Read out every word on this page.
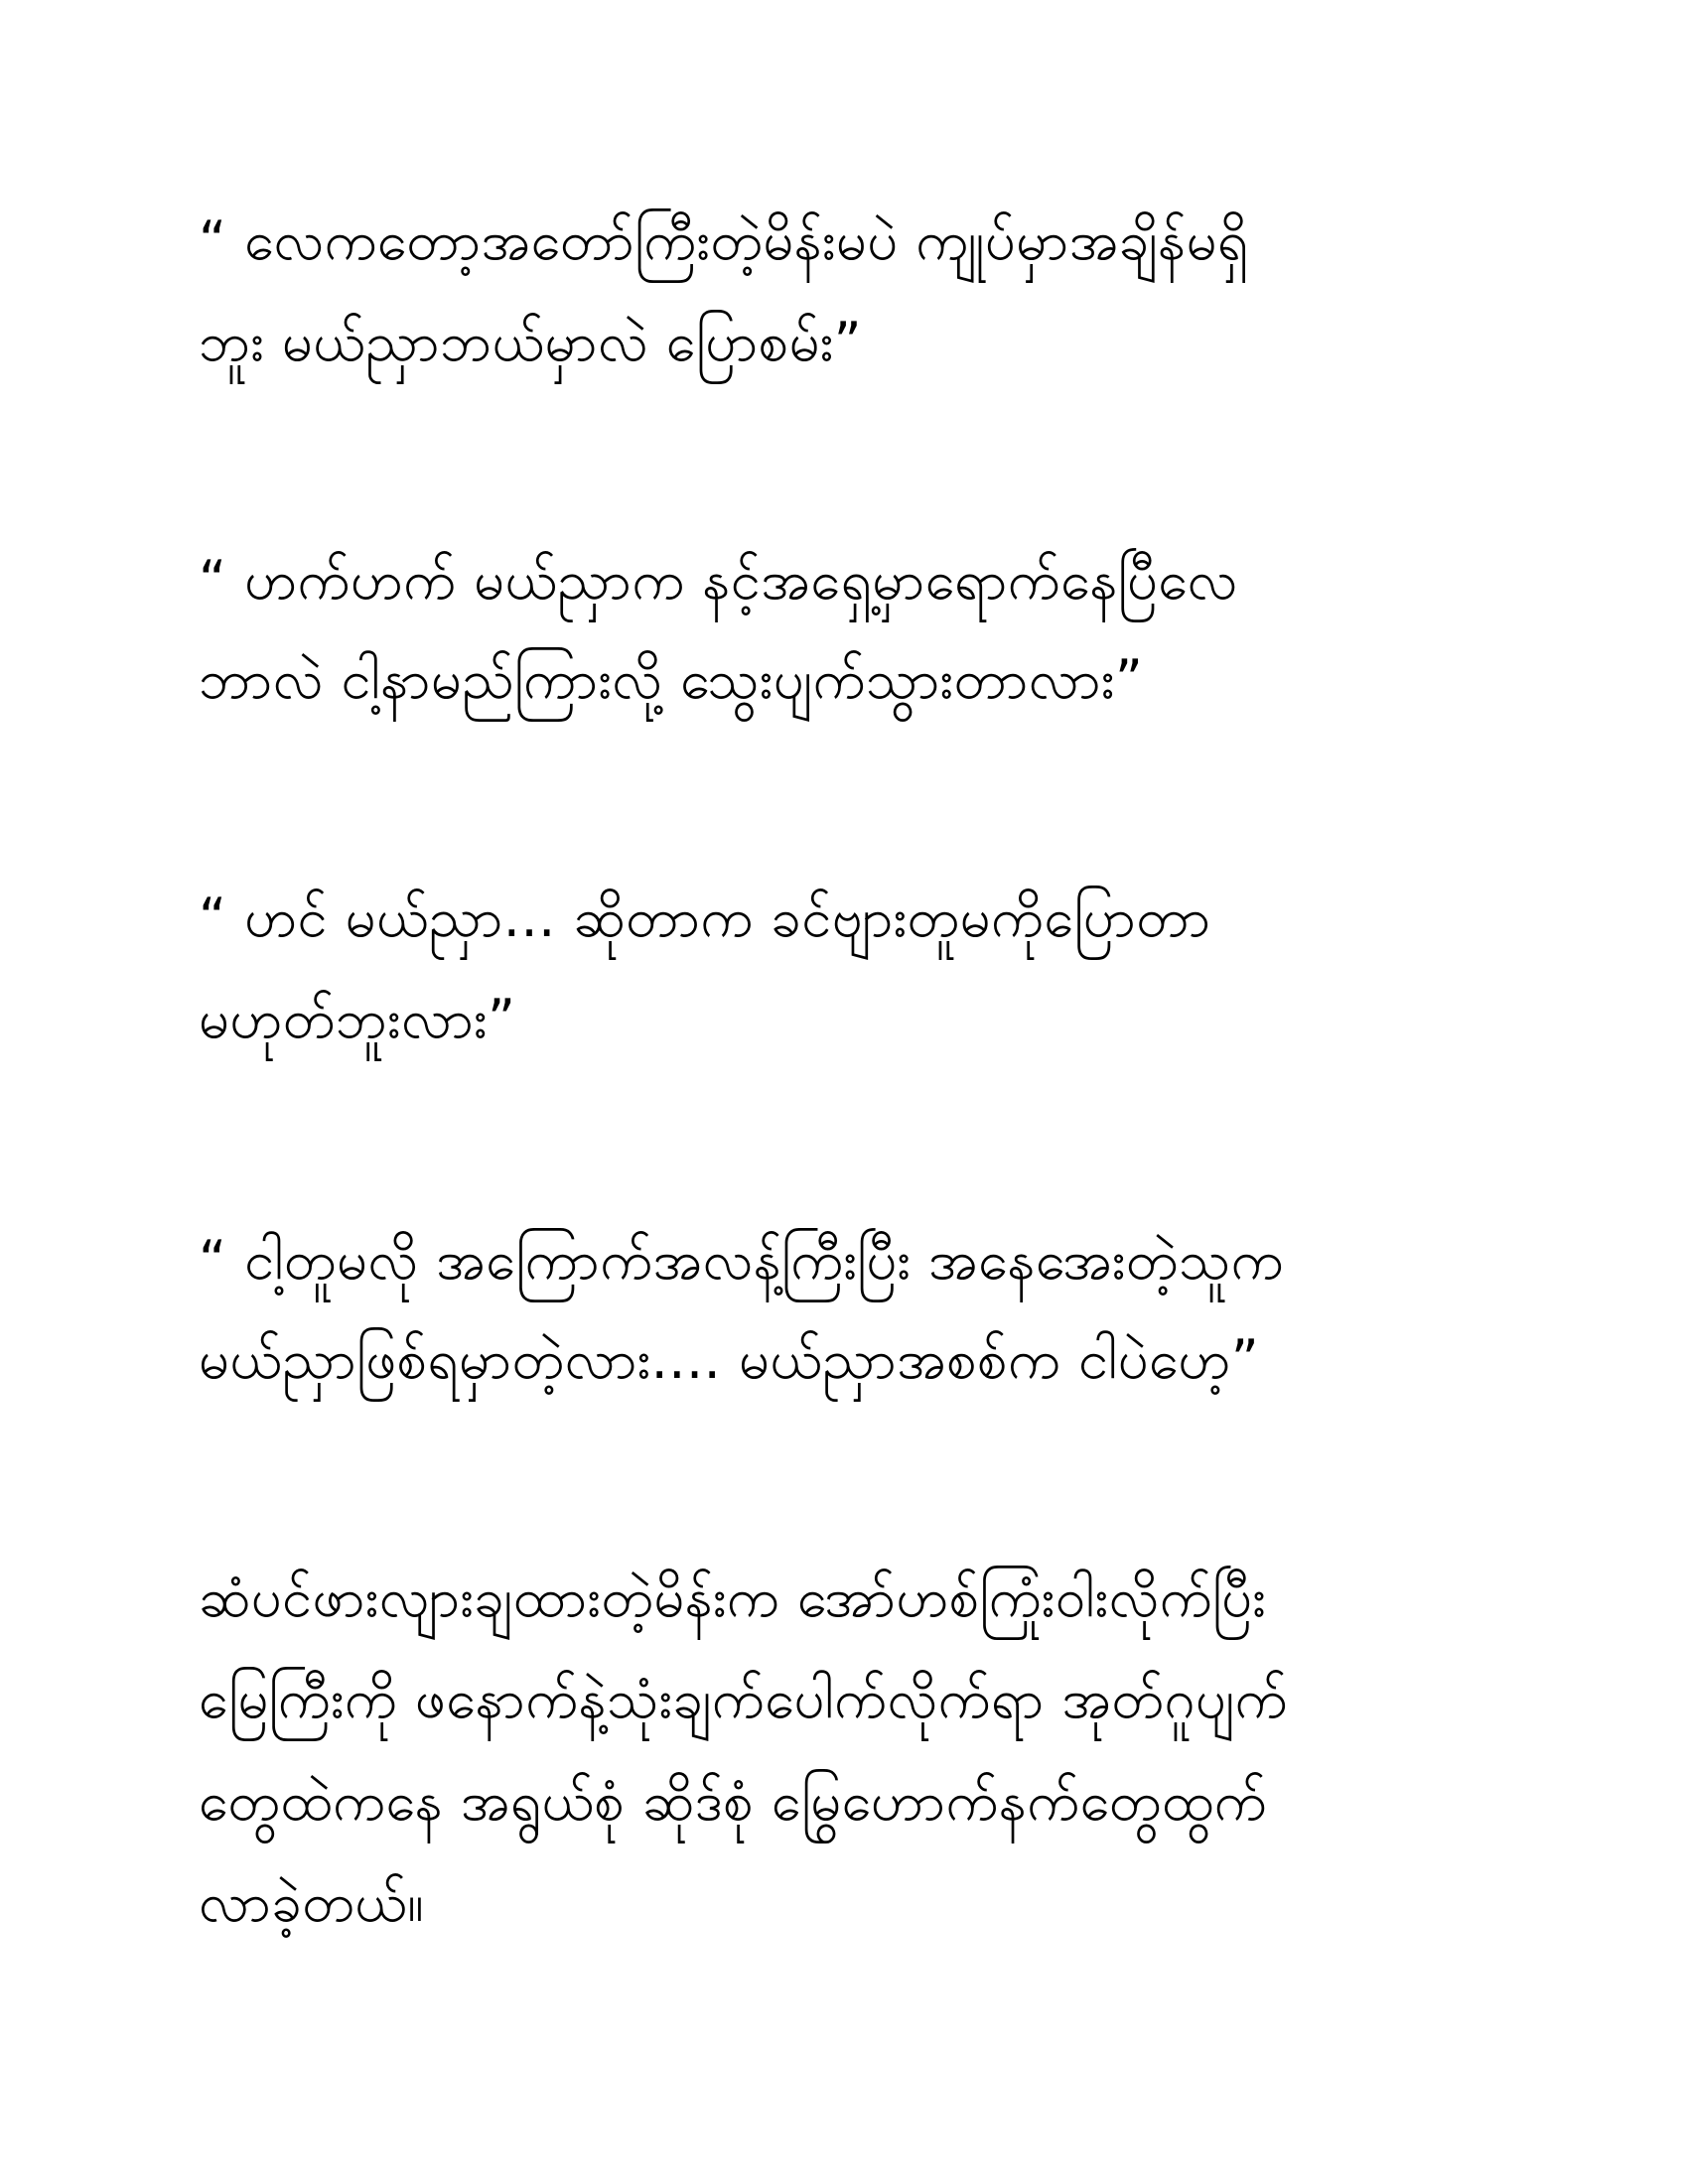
“ လေကတော့အတော်ကြီးတဲ့မိန်းမပဲ ကျုပ်မှာအချိန်မရှိ
ဘူး မယ်ညှာဘယ်မှာလဲ ပြောစမ်း”
“ ဟက်ဟက် မယ်ညှာက နင့်အရှေ့မှာရောက်နေပြီလေ
ဘာလဲ ငါ့နာမည်ကြားလို့ သွေးပျက်သွားတာလား”
“ ဟင် မယ်ညှာ... ဆိုတာက ခင်ဗျားတူမကိုပြောတာ
မဟုတ်ဘူးလား”
“ ငါ့တူမလို အကြောက်အလန့်ကြီးပြီး အနေအေးတဲ့သူက
မယ်ညှာဖြစ်ရမှာတဲ့လား.... မယ်ညှာအစစ်က ငါပဲဟေ့”
ဆံပင်ဖားလျားချထားတဲ့မိန်းက အော်ဟစ်ကြုံးဝါးလိုက်ပြီး
မြေကြီးကို ဖနောက်နဲ့သုံးချက်ပေါက်လိုက်ရာ အုတ်ဂူပျက်
တွေထဲကနေ အရွယ်စုံ ဆိုဒ်စုံ မြွေဟောက်နက်တွေထွက်
လာခဲ့တယ်။
